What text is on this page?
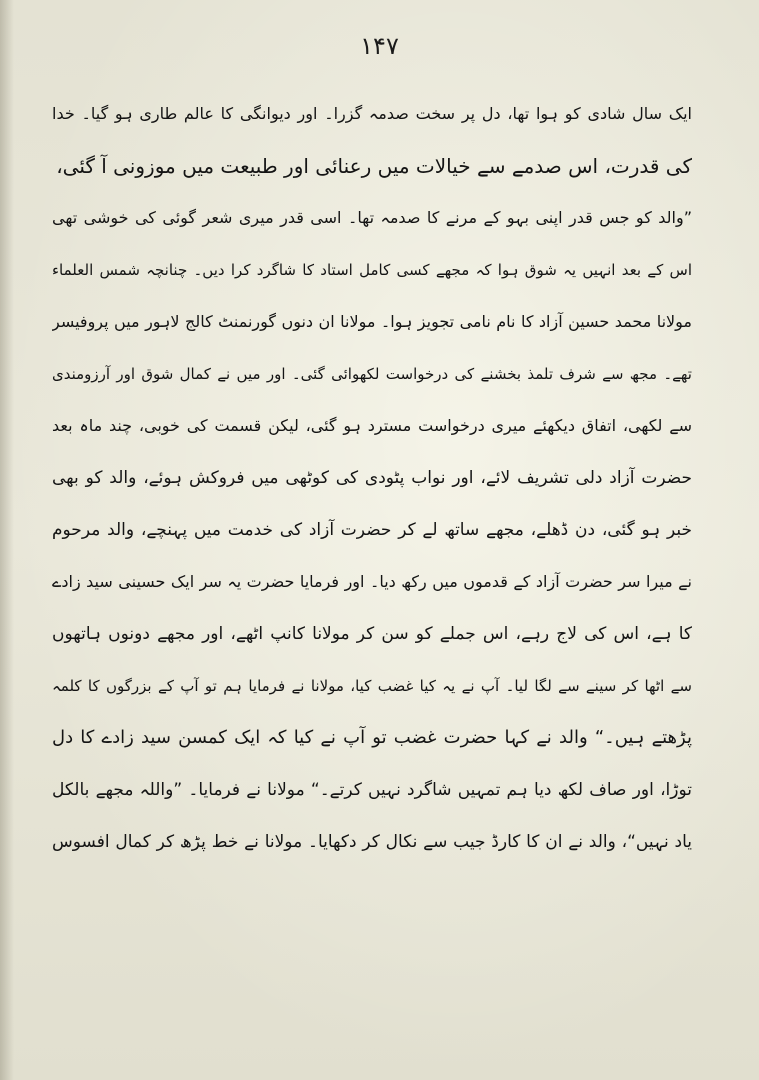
۱۴۷
ایک سال شادی کو ہوا تھا، دل پر سخت صدمہ گزرا۔ اور دیوانگی کا عالم طاری ہو گیا۔ خدا
کی قدرت، اس صدمے سے خیالات میں رعنائی اور طبیعت میں موزونی آ گئی،
”والد کو جس قدر اپنی بہو کے مرنے کا صدمہ تھا۔ اسی قدر میری شعر گوئی کی خوشی تھی
اس کے بعد انہیں یہ شوق ہوا کہ مجھے کسی کامل استاد کا شاگرد کرا دیں۔ چنانچہ شمس العلماء
مولانا محمد حسین آزاد کا نام نامی تجویز ہوا۔ مولانا ان دنوں گورنمنٹ کالج لاہور میں پروفیسر
تھے۔ مجھ سے شرف تلمذ بخشنے کی درخواست لکھوائی گئی۔ اور میں نے کمال شوق اور آرزومندی
سے لکھی، اتفاق دیکھئے میری درخواست مسترد ہو گئی، لیکن قسمت کی خوبی، چند ماہ بعد
حضرت آزاد دلی تشریف لائے، اور نواب پٹودی کی کوٹھی میں فروکش ہوئے، والد کو بھی
خبر ہو گئی، دن ڈھلے، مجھے ساتھ لے کر حضرت آزاد کی خدمت میں پہنچے، والد مرحوم
نے میرا سر حضرت آزاد کے قدموں میں رکھ دیا۔ اور فرمایا حضرت یہ سر ایک حسینی سید زادے
کا ہے، اس کی لاج رہے، اس جملے کو سن کر مولانا کانپ اٹھے، اور مجھے دونوں ہاتھوں
سے اٹھا کر سینے سے لگا لیا۔ آپ نے یہ کیا غضب کیا، مولانا نے فرمایا ہم تو آپ کے بزرگوں کا کلمہ
پڑھتے ہیں۔“ والد نے کہا حضرت غضب تو آپ نے کیا کہ ایک کمسن سید زادے کا دل
توڑا، اور صاف لکھ دیا ہم تمہیں شاگرد نہیں کرتے۔“ مولانا نے فرمایا۔ ”واللہ مجھے بالکل
یاد نہیں“، والد نے ان کا کارڈ جیب سے نکال کر دکھایا۔ مولانا نے خط پڑھ کر کمال افسوس
